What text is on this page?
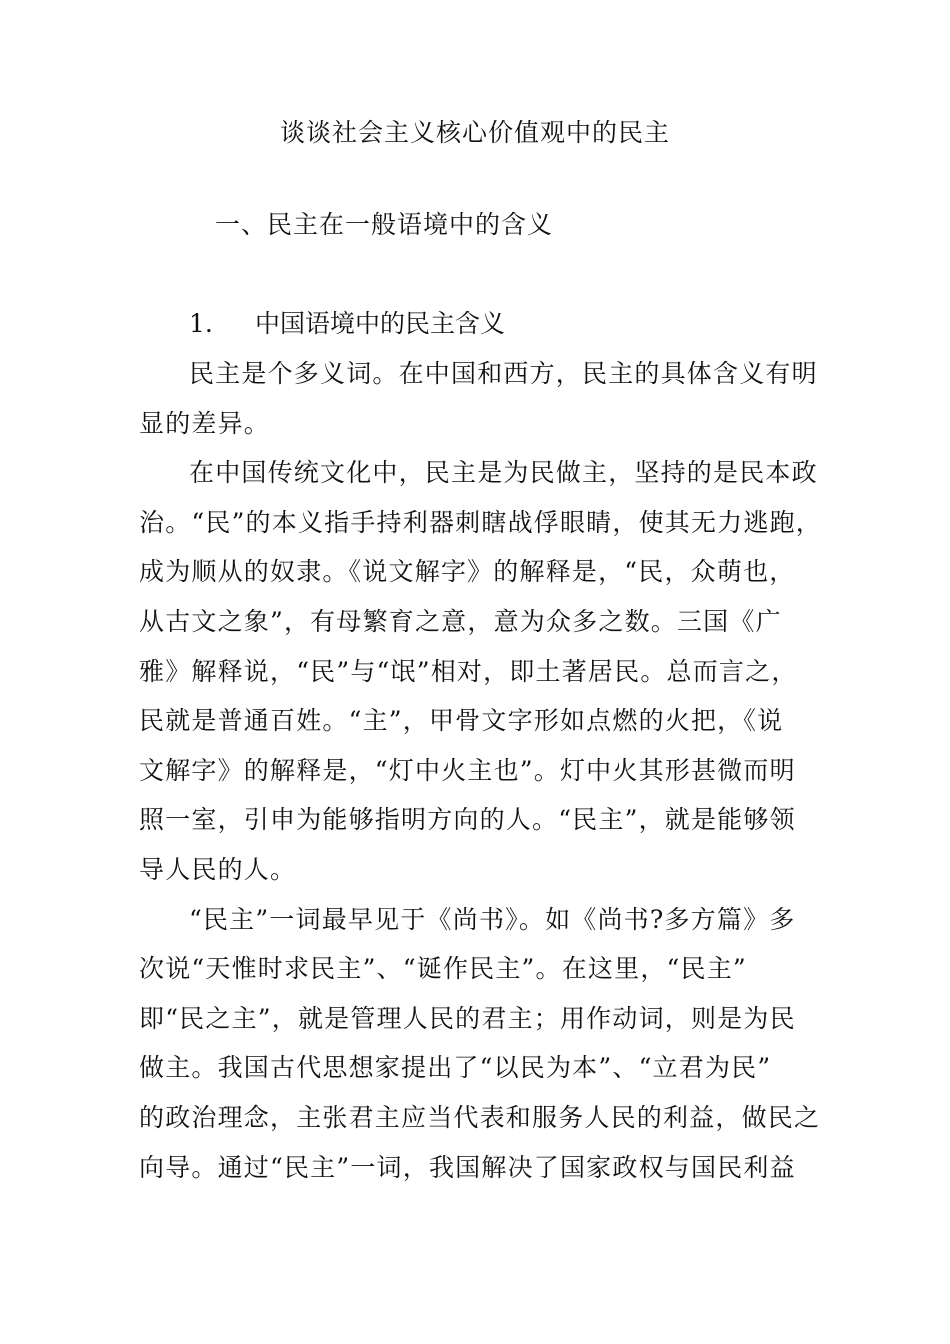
谈谈社会主义核心价值观中的民主
一、民主在一般语境中的含义
1. 中国语境中的民主含义
民主是个多义词。在中国和西方，民主的具体含义有明
显的差异。
在中国传统文化中，民主是为民做主，坚持的是民本政
治。“民”的本义指手持利器刺瞎战俘眼睛，使其无力逃跑，
成为顺从的奴隶。《说文解字》的解释是，“民，众萌也，
从古文之象”，有母繁育之意，意为众多之数。三国《广
雅》解释说，“民”与“氓”相对，即土著居民。总而言之，
民就是普通百姓。“主”，甲骨文字形如点燃的火把，《说
文解字》的解释是，“灯中火主也”。灯中火其形甚微而明
照一室，引申为能够指明方向的人。“民主”，就是能够领
导人民的人。
“民主”一词最早见于《尚书》。如《尚书?多方篇》多
次说“天惟时求民主”、“诞作民主”。在这里，“民主”
即“民之主”，就是管理人民的君主；用作动词，则是为民
做主。我国古代思想家提出了“以民为本”、“立君为民”
的政治理念，主张君主应当代表和服务人民的利益，做民之
向导。通过“民主”一词，我国解决了国家政权与国民利益
